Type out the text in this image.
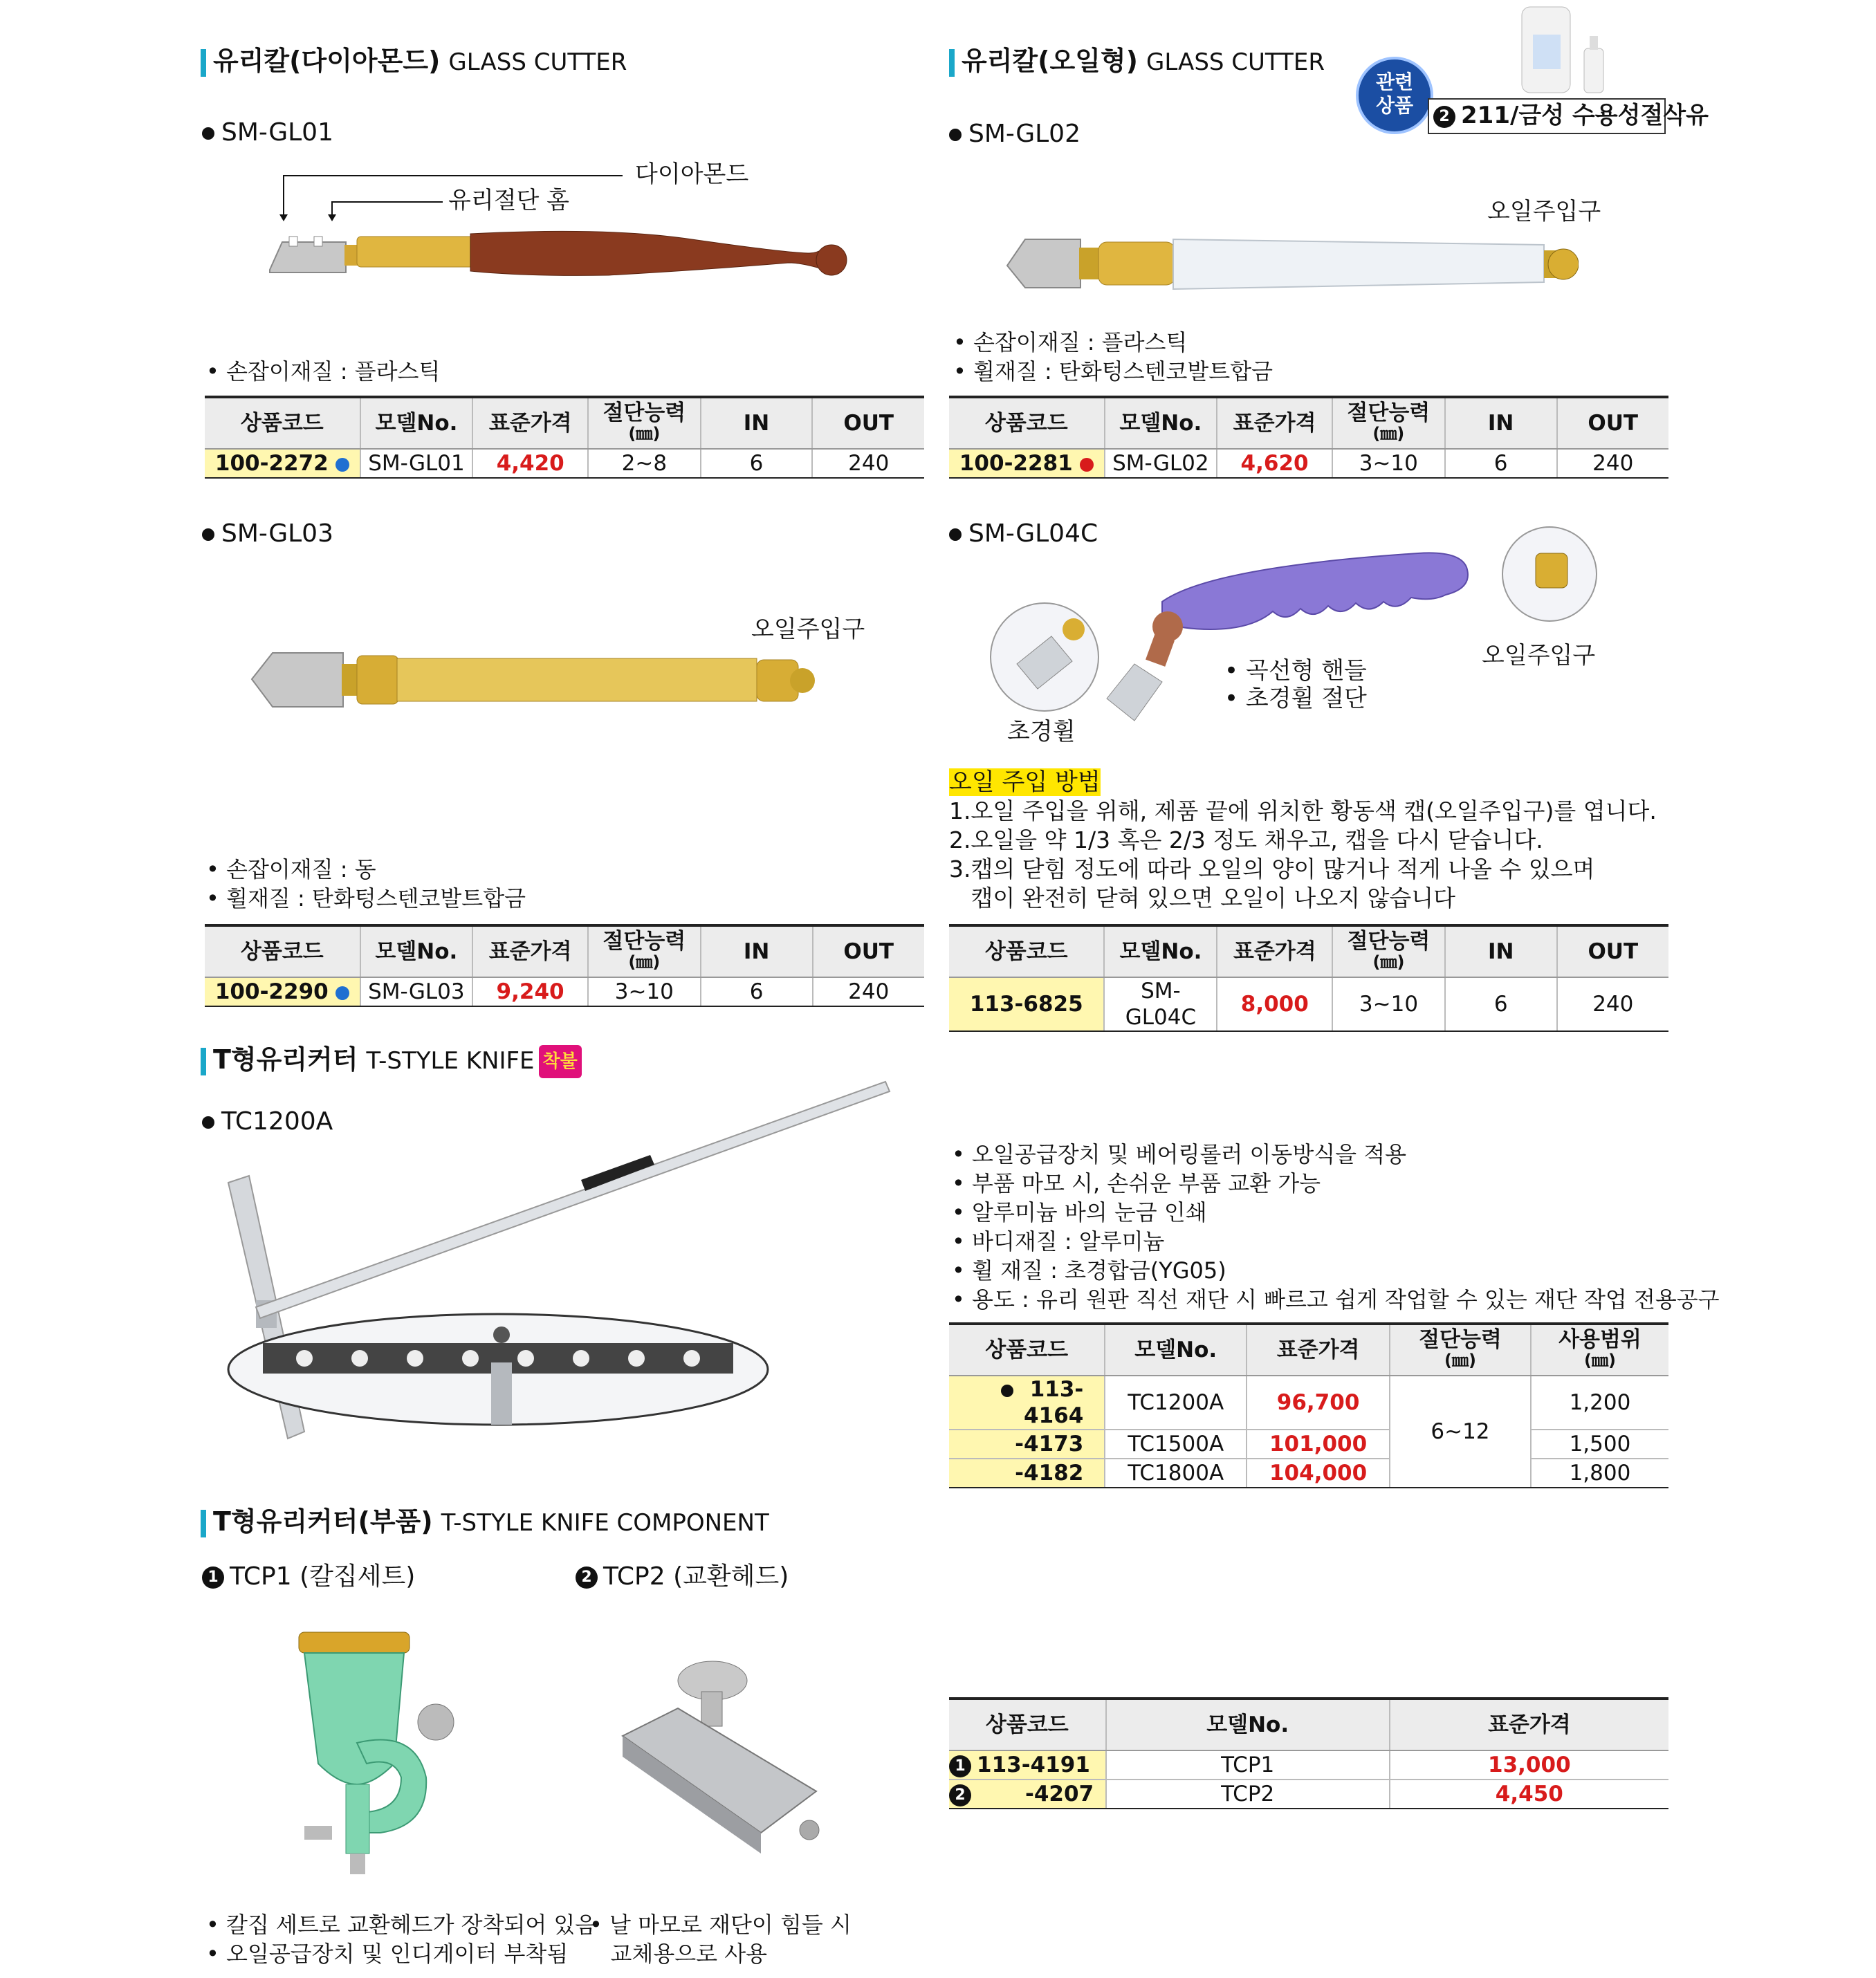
유리칼(다이아몬드) GLASS CUTTER
SM-GL01
다이아몬드
유리절단 홈
• 손잡이재질 : 플라스틱
상품코드	모델No.	표준가격	절단능력
(㎜)	IN	OUT
100-2272	SM-GL01	4,420	2~8	6	240
유리칼(오일형) GLASS CUTTER
관련
상품	2 211/금성 수용성절삭유
SM-GL02
오일주입구
• 손잡이재질 : 플라스틱
• 휠재질 : 탄화텅스텐코발트합금
상품코드	모델No.	표준가격	절단능력
(㎜)	IN	OUT
100-2281	SM-GL02	4,620	3~10	6	240
SM-GL03
오일주입구
• 손잡이재질 : 동
• 휠재질 : 탄화텅스텐코발트합금
상품코드	모델No.	표준가격	절단능력
(㎜)	IN	OUT
100-2290	SM-GL03	9,240	3~10	6	240
SM-GL04C
초경휠
• 곡선형 핸들
• 초경휠 절단
오일주입구
오일 주입 방법
1.오일 주입을 위해, 제품 끝에 위치한 황동색 캡(오일주입구)를 엽니다.
2.오일을 약 1/3 혹은 2/3 정도 채우고, 캡을 다시 닫습니다.
3.캡의 닫힘 정도에 따라 오일의 양이 많거나 적게 나올 수 있으며
캡이 완전히 닫혀 있으면 오일이 나오지 않습니다
상품코드	모델No.	표준가격	절단능력
(㎜)	IN	OUT
113-6825	SM-GL04C	8,000	3~10	6	240
T형유리커터 T-STYLE KNIFE 착불
TC1200A
• 오일공급장치 및 베어링롤러 이동방식을 적용
• 부품 마모 시, 손쉬운 부품 교환 가능
• 알루미늄 바의 눈금 인쇄
• 바디재질 : 알루미늄
• 휠 재질 : 초경합금(YG05)
• 용도 : 유리 원판 직선 재단 시 빠르고 쉽게 작업할 수 있는 재단 작업 전용공구
상품코드	모델No.	표준가격	절단능력
(㎜)	사용범위
(㎜)

113-4164	TC1200A	96,700	6~12	1,200
-4173	TC1500A	101,000		1,500
-4182	TC1800A	104,000		1,800
T형유리커터(부품) T-STYLE KNIFE COMPONENT
1 TCP1 (칼집세트)	2 TCP2 (교환헤드)
• 칼집 세트로 교환헤드가 장착되어 있음
• 오일공급장치 및 인디게이터 부착됨
• 날 마모로 재단이 힘들 시
교체용으로 사용
상품코드	모델No.	표준가격
1 113-4191	TCP1	13,000
2 -4207	TCP2	4,450
